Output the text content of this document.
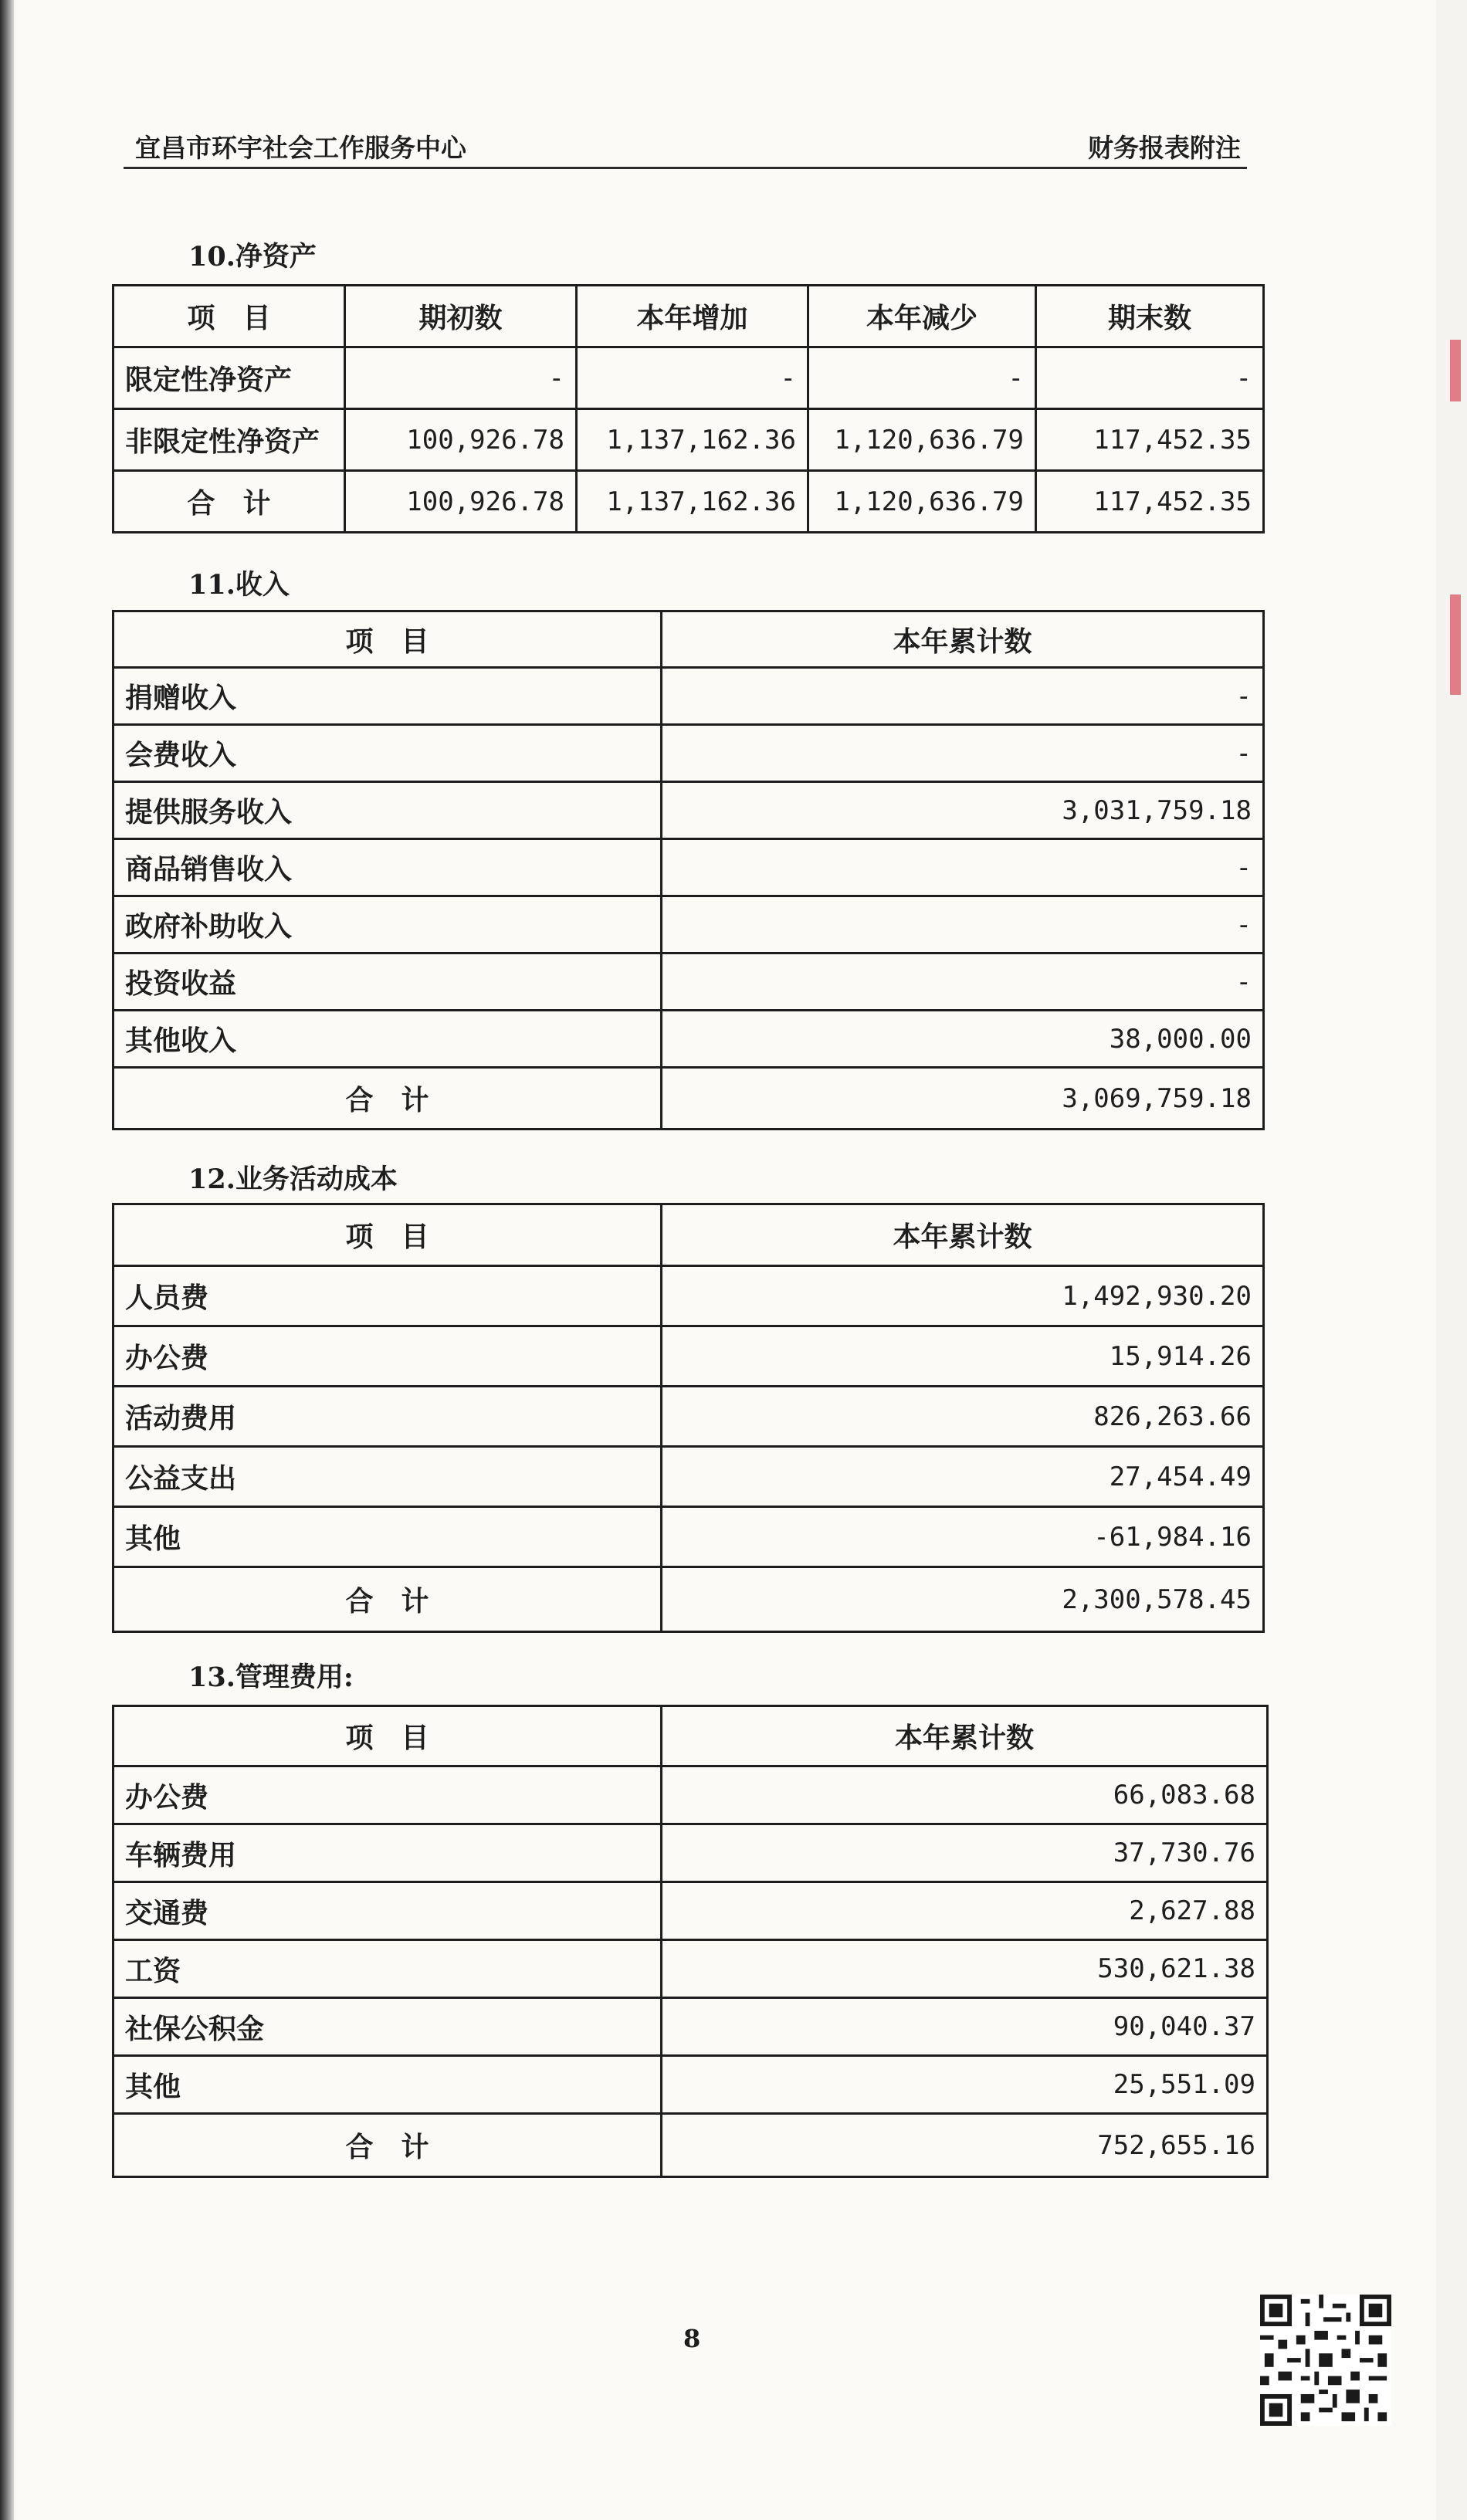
宜昌市环宇社会工作服务中心	财务报表附注
10.净资产
项　目	期初数	本年增加	本年减少	期末数
限定性净资产	-	-	-	-
非限定性净资产	100,926.78	1,137,162.36	1,120,636.79	117,452.35
合　计	100,926.78	1,137,162.36	1,120,636.79	117,452.35
11.收入
项　目	本年累计数
捐赠收入	-
会费收入	-
提供服务收入	3,031,759.18
商品销售收入	-
政府补助收入	-
投资收益	-
其他收入	38,000.00
合　计	3,069,759.18
12.业务活动成本
项　目	本年累计数
人员费	1,492,930.20
办公费	15,914.26
活动费用	826,263.66
公益支出	27,454.49
其他	-61,984.16
合　计	2,300,578.45
13.管理费用:
项　目	本年累计数
办公费	66,083.68
车辆费用	37,730.76
交通费	2,627.88
工资	530,621.38
社保公积金	90,040.37
其他	25,551.09
合　计	752,655.16
8
